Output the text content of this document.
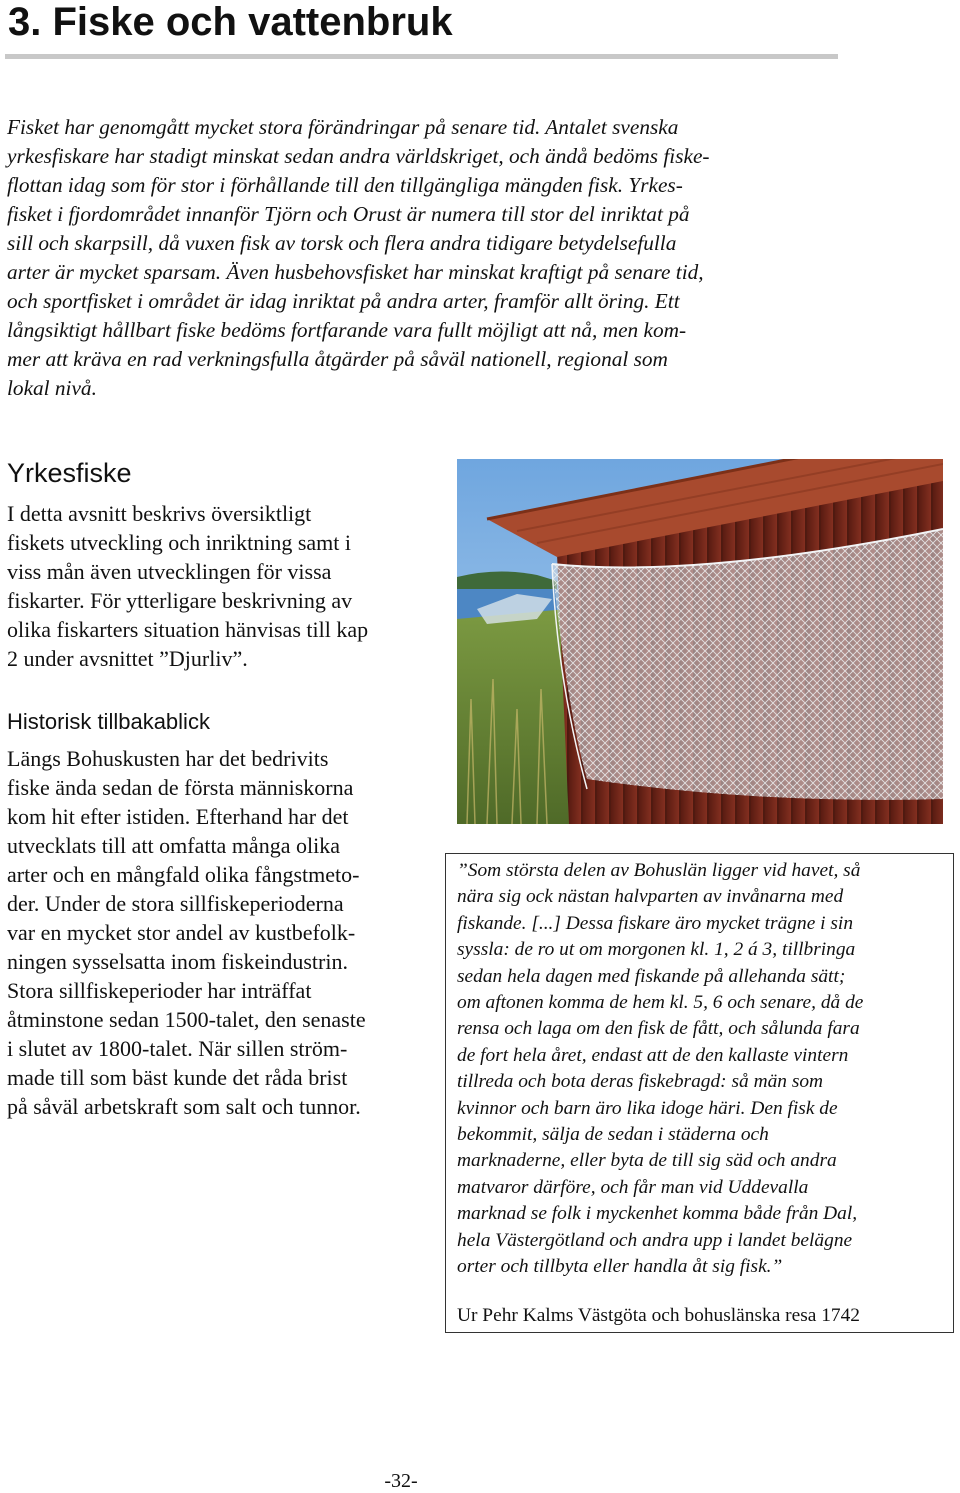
3. Fiske och vattenbruk

Fisket har genomgått mycket stora förändringar på senare tid. Antalet svenska
yrkesfiskare har stadigt minskat sedan andra världskriget, och ändå bedöms fiske-
flottan idag som för stor i förhållande till den tillgängliga mängden fisk. Yrkes-
fisket i fjordområdet innanför Tjörn och Orust är numera till stor del inriktat på
sill och skarpsill, då vuxen fisk av torsk och flera andra tidigare betydelsefulla
arter är mycket sparsam. Även husbehovsfisket har minskat kraftigt på senare tid,
och sportfisket i området är idag inriktat på andra arter, framför allt öring. Ett
långsiktigt hållbart fiske bedöms fortfarande vara fullt möjligt att nå, men kom-
mer att kräva en rad verkningsfulla åtgärder på såväl nationell, regional som
lokal nivå.

Yrkesfiske

I detta avsnitt beskrivs översiktligt
fiskets utveckling och inriktning samt i
viss mån även utvecklingen för vissa
fiskarter. För ytterligare beskrivning av
olika fiskarters situation hänvisas till kap
2 under avsnittet ”Djurliv”.

Historisk tillbakablick

Längs Bohuskusten har det bedrivits
fiske ända sedan de första människorna
kom hit efter istiden. Efterhand har det
utvecklats till att omfatta många olika
arter och en mångfald olika fångstmeto-
der. Under de stora sillfiskeperioderna
var en mycket stor andel av kustbefolk-
ningen sysselsatta inom fiskeindustrin.
Stora sillfiskeperioder har inträffat
åtminstone sedan 1500-talet, den senaste
i slutet av 1800-talet. När sillen ström-
made till som bäst kunde det råda brist
på såväl arbetskraft som salt och tunnor.

”Som största delen av Bohuslän ligger vid havet, så
nära sig ock nästan halvparten av invånarna med
fiskande. [...] Dessa fiskare äro mycket trägne i sin
syssla: de ro ut om morgonen kl. 1, 2 á 3, tillbringa
sedan hela dagen med fiskande på allehanda sätt;
om aftonen komma de hem kl. 5, 6 och senare, då de
rensa och laga om den fisk de fått, och sålunda fara
de fort hela året, endast att de den kallaste vintern
tillreda och bota deras fiskebragd: så män som
kvinnor och barn äro lika idoge häri. Den fisk de
bekommit, sälja de sedan i städerna och
marknaderne, eller byta de till sig säd och andra
matvaror därföre, och får man vid Uddevalla
marknad se folk i myckenhet komma både från Dal,
hela Västergötland och andra upp i landet belägne
orter och tillbyta eller handla åt sig fisk.”

Ur Pehr Kalms Västgöta och bohuslänska resa 1742

-32-
